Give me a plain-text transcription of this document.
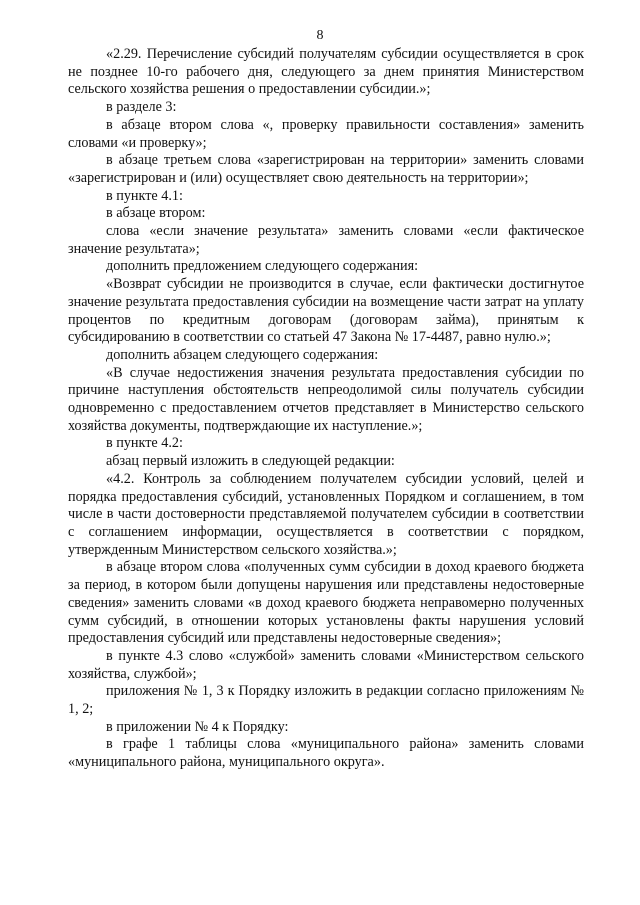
8

«2.29. Перечисление субсидий получателям субсидии осуществляется в срок не позднее 10-го рабочего дня, следующего за днем принятия Министерством сельского хозяйства решения о предоставлении субсидии.»;

в разделе 3:

в абзаце втором слова «, проверку правильности составления» заменить словами «и проверку»;

в абзаце третьем слова «зарегистрирован на территории» заменить словами «зарегистрирован и (или) осуществляет свою деятельность на территории»;

в пункте 4.1:

в абзаце втором:

слова «если значение результата» заменить словами «если фактическое значение результата»;

дополнить предложением следующего содержания:

«Возврат субсидии не производится в случае, если фактически достигнутое значение результата предоставления субсидии на возмещение части затрат на уплату процентов по кредитным договорам (договорам займа), принятым к субсидированию в соответствии со статьей 47 Закона № 17-4487, равно нулю.»;

дополнить абзацем следующего содержания:

«В случае недостижения значения результата предоставления субсидии по причине наступления обстоятельств непреодолимой силы получатель субсидии одновременно с предоставлением отчетов представляет в Министерство сельского хозяйства документы, подтверждающие их наступление.»;

в пункте 4.2:

абзац первый изложить в следующей редакции:

«4.2. Контроль за соблюдением получателем субсидии условий, целей и порядка предоставления субсидий, установленных Порядком и соглашением, в том числе в части достоверности представляемой получателем субсидии в соответствии с соглашением информации, осуществляется в соответствии с порядком, утвержденным Министерством сельского хозяйства.»;

в абзаце втором слова «полученных сумм субсидии в доход краевого бюджета за период, в котором были допущены нарушения или представлены недостоверные сведения» заменить словами «в доход краевого бюджета неправомерно полученных сумм субсидий, в отношении которых установлены факты нарушения условий предоставления субсидий или представлены недостоверные сведения»;

в пункте 4.3 слово «службой» заменить словами «Министерством сельского хозяйства, службой»;

приложения № 1, 3 к Порядку изложить в редакции согласно приложениям № 1, 2;

в приложении № 4 к Порядку:

в графе 1 таблицы слова «муниципального района» заменить словами «муниципального района, муниципального округа».
